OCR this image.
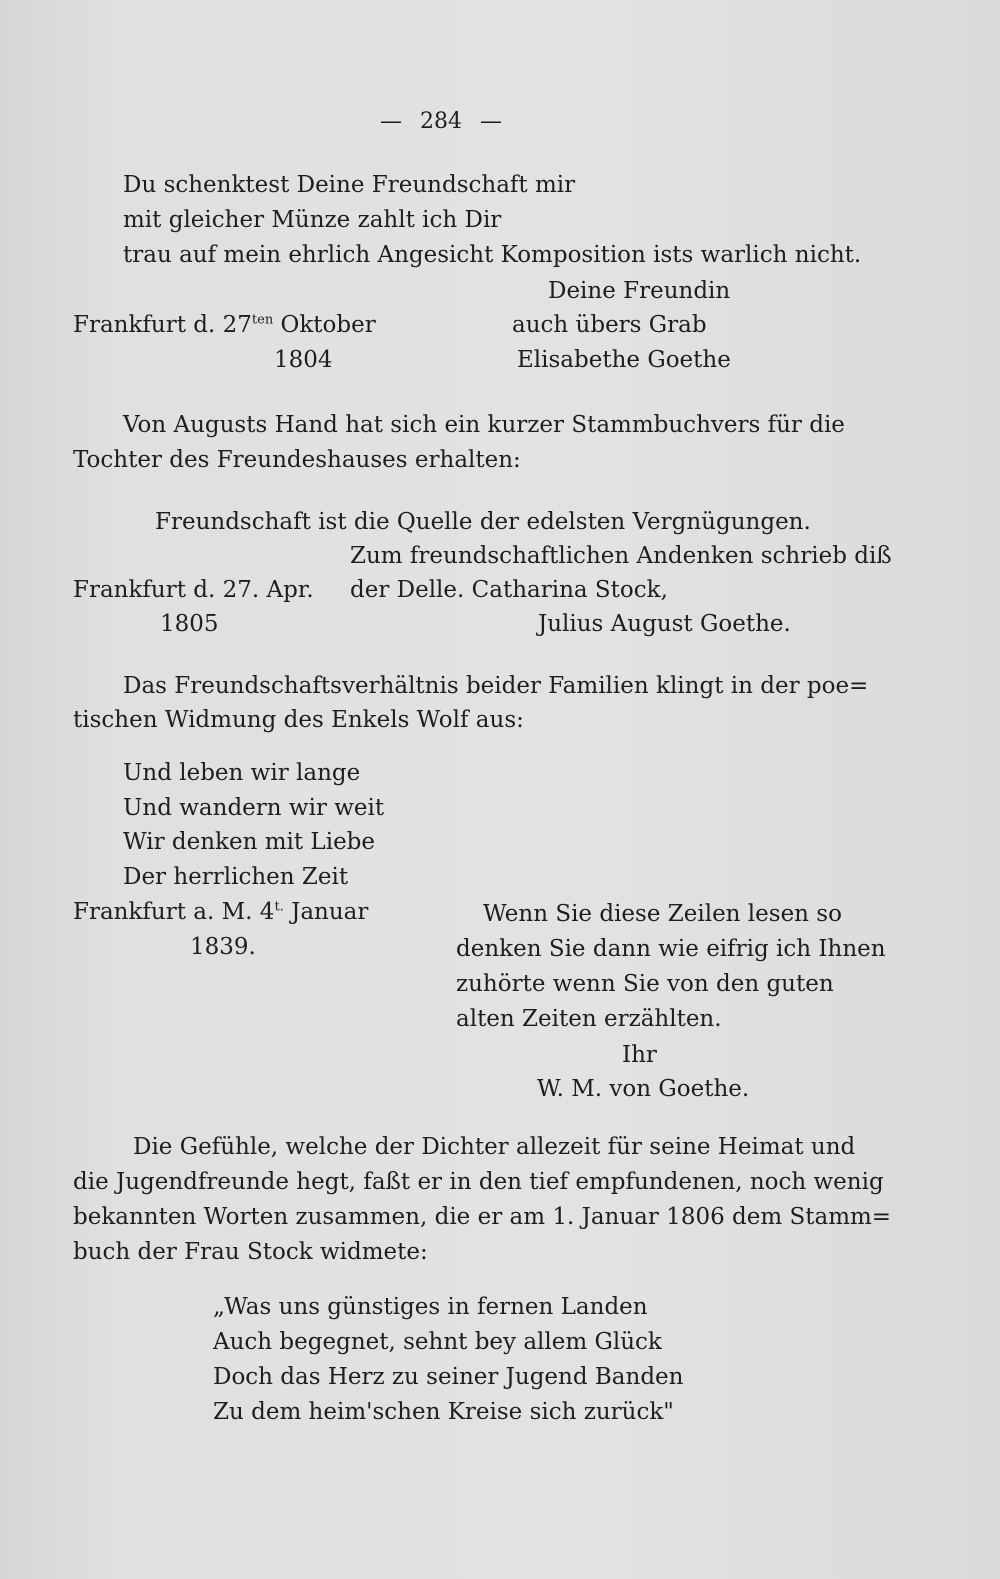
— 284 —
Du schenktest Deine Freundschaft mir
mit gleicher Münze zahlt ich Dir
trau auf mein ehrlich Angesicht Komposition ists warlich nicht.
Deine Freundin
Frankfurt d. $27^{ten}$ Oktober	auch übers Grab
1804	Elisabethe Goethe
Von Augusts Hand hat sich ein kurzer Stammbuchvers für die
Tochter des Freundeshauses erhalten:
Freundschaft ist die Quelle der edelsten Vergnügungen.
Zum freundschaftlichen Andenken schrieb diß
Frankfurt d. 27. Apr. der Delle. Catharina Stock,
1805	Julius August Goethe.
Das Freundschaftsverhältnis beider Familien klingt in der poe=
tischen Widmung des Enkels Wolf aus:
Und leben wir lange
Und wandern wir weit
Wir denken mit Liebe
Der herrlichen Zeit
Frankfurt a. M. $4^{t.}$ Januar	Wenn Sie diese Zeilen lesen so
1839.	denken Sie dann wie eifrig ich Ihnen
zuhörte wenn Sie von den guten
alten Zeiten erzählten.
Ihr
W. M. von Goethe.
Die Gefühle, welche der Dichter allezeit für seine Heimat und
die Jugendfreunde hegt, faßt er in den tief empfundenen, noch wenig
bekannten Worten zusammen, die er am 1. Januar 1806 dem Stamm=
buch der Frau Stock widmete:
„Was uns günstiges in fernen Landen
Auch begegnet, sehnt bey allem Glück
Doch das Herz zu seiner Jugend Banden
Zu dem heim'schen Kreise sich zurück"
